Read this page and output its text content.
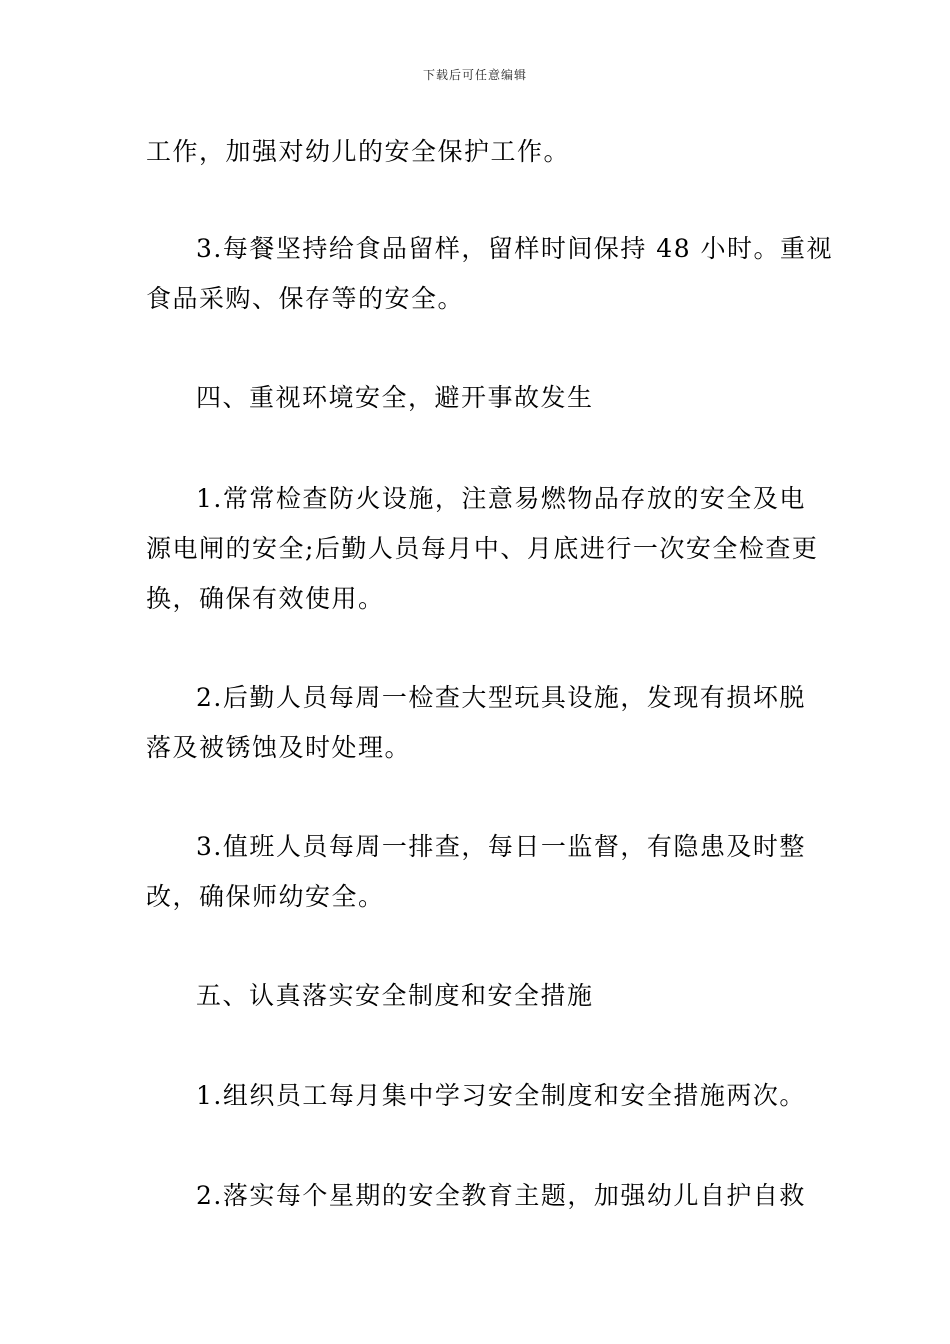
下载后可任意编辑
工作，加强对幼儿的安全保护工作。
3.每餐坚持给食品留样，留样时间保持 48 小时。重视
食品采购、保存等的安全。
四、重视环境安全，避开事故发生
1.常常检查防火设施，注意易燃物品存放的安全及电
源电闸的安全;后勤人员每月中、月底进行一次安全检查更
换，确保有效使用。
2.后勤人员每周一检查大型玩具设施，发现有损坏脱
落及被锈蚀及时处理。
3.值班人员每周一排查，每日一监督，有隐患及时整
改，确保师幼安全。
五、认真落实安全制度和安全措施
1.组织员工每月集中学习安全制度和安全措施两次。
2.落实每个星期的安全教育主题，加强幼儿自护自救
